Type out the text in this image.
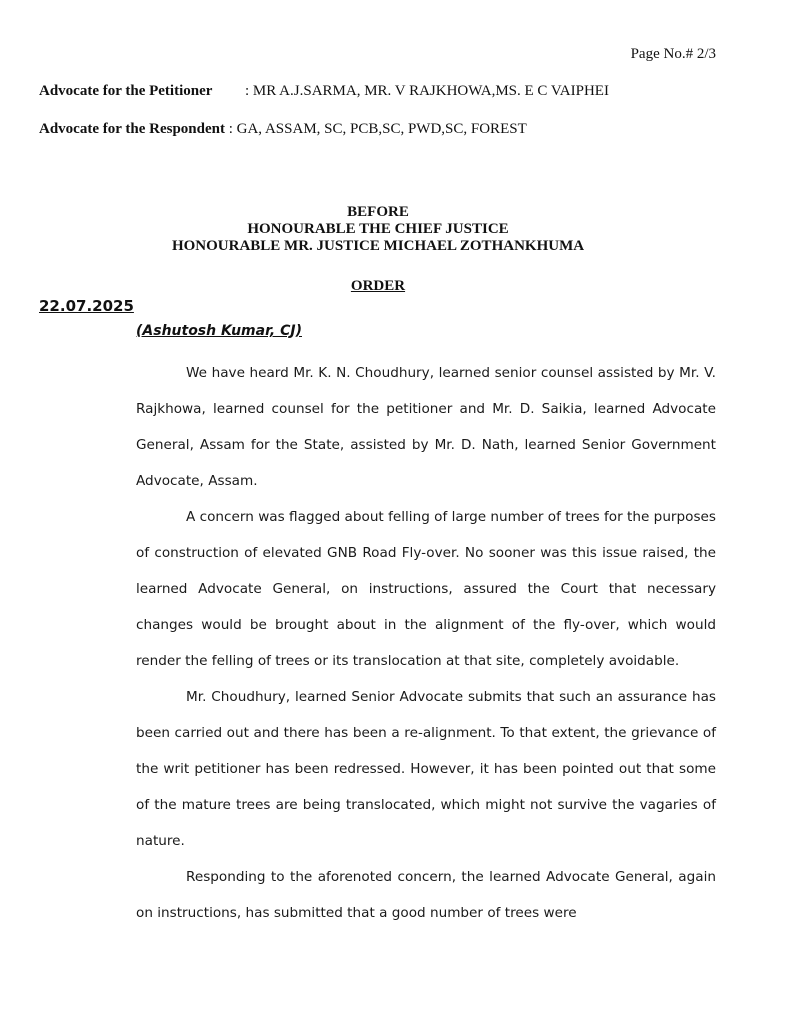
Page No.# 2/3
Advocate for the Petitioner : MR A.J.SARMA, MR. V RAJKHOWA,MS. E C VAIPHEI
Advocate for the Respondent : GA, ASSAM, SC, PCB,SC, PWD,SC, FOREST
BEFORE
HONOURABLE THE CHIEF JUSTICE
HONOURABLE MR. JUSTICE MICHAEL ZOTHANKHUMA
ORDER
22.07.2025
(Ashutosh Kumar, CJ)

We have heard Mr. K. N. Choudhury, learned senior counsel assisted by Mr. V. Rajkhowa, learned counsel for the petitioner and Mr. D. Saikia, learned Advocate General, Assam for the State, assisted by Mr. D. Nath, learned Senior Government Advocate, Assam.

A concern was flagged about felling of large number of trees for the purposes of construction of elevated GNB Road Fly-over. No sooner was this issue raised, the learned Advocate General, on instructions, assured the Court that necessary changes would be brought about in the alignment of the fly-over, which would render the felling of trees or its translocation at that site, completely avoidable.

Mr. Choudhury, learned Senior Advocate submits that such an assurance has been carried out and there has been a re-alignment. To that extent, the grievance of the writ petitioner has been redressed. However, it has been pointed out that some of the mature trees are being translocated, which might not survive the vagaries of nature.

Responding to the aforenoted concern, the learned Advocate General, again on instructions, has submitted that a good number of trees were
